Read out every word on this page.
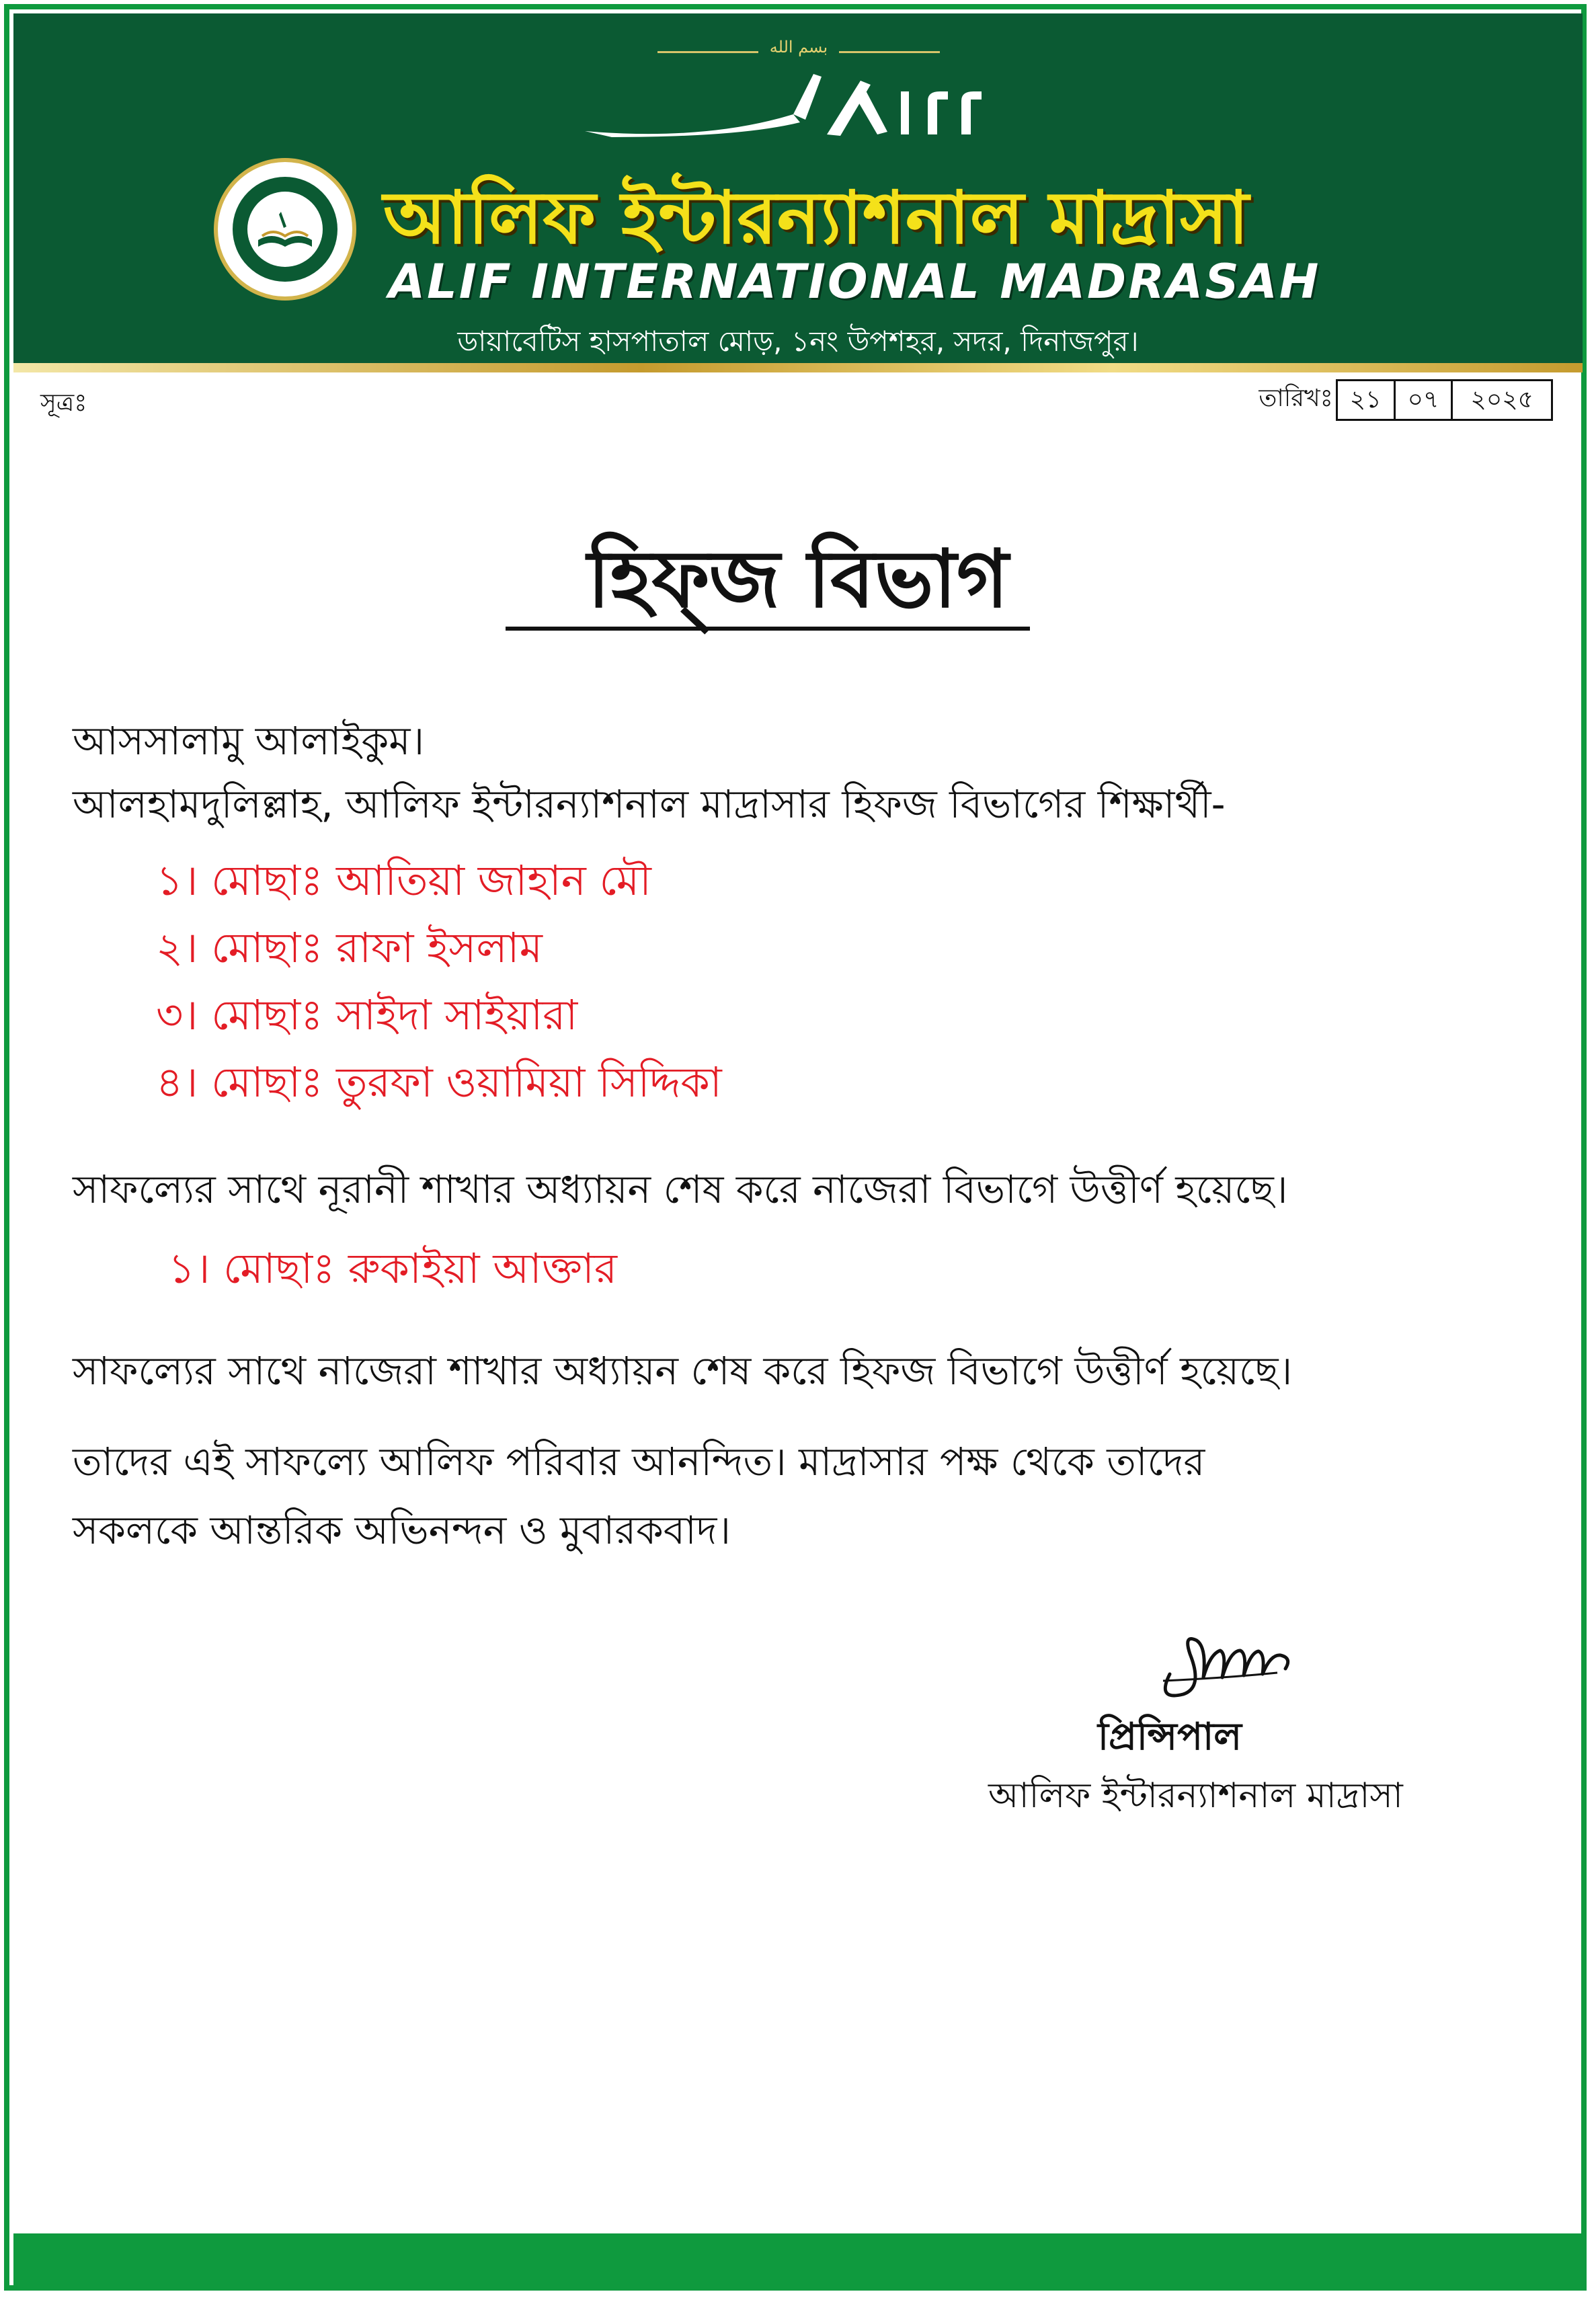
بسم الله
আলিফ ইন্টারন্যাশনাল মাদ্রাসা
ALIF INTERNATIONAL MADRASAH
ডায়াবেটিস হাসপাতাল মোড়, ১নং উপশহর, সদর, দিনাজপুর।
সূত্রঃ	তারিখঃ ২১	০৭	২০২৫
হিফ্জ বিভাগ
আসসালামু আলাইকুম।
আলহামদুলিল্লাহ, আলিফ ইন্টারন্যাশনাল মাদ্রাসার হিফজ বিভাগের শিক্ষার্থী-
১। মোছাঃ আতিয়া জাহান মৌ
২। মোছাঃ রাফা ইসলাম
৩। মোছাঃ সাইদা সাইয়ারা
৪। মোছাঃ তুরফা ওয়ামিয়া সিদ্দিকা
সাফল্যের সাথে নূরানী শাখার অধ্যায়ন শেষ করে নাজেরা বিভাগে উত্তীর্ণ হয়েছে।
১। মোছাঃ রুকাইয়া আক্তার
সাফল্যের সাথে নাজেরা শাখার অধ্যায়ন শেষ করে হিফজ বিভাগে উত্তীর্ণ হয়েছে।
তাদের এই সাফল্যে আলিফ পরিবার আনন্দিত। মাদ্রাসার পক্ষ থেকে তাদের
সকলকে আন্তরিক অভিনন্দন ও মুবারকবাদ।
প্রিন্সিপাল
আলিফ ইন্টারন্যাশনাল মাদ্রাসা
